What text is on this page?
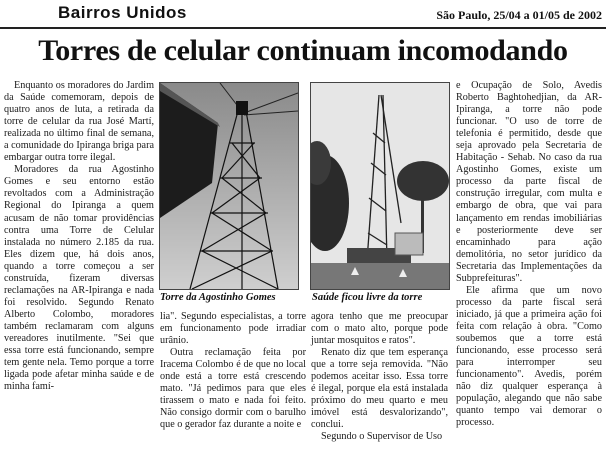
Bairros Unidos	São Paulo, 25/04 a 01/05 de 2002
Torres de celular continuam incomodando

Enquanto os moradores do Jardim da Saúde comemoram, depois de quatro anos de luta, a retirada da torre de celular da rua José Martí, realizada no último final de semana, a comunidade do Ipiranga briga para embargar outra torre ilegal.

Moradores da rua Agostinho Gomes e seu entorno estão revoltados com a Administração Regional do Ipiranga a quem acusam de não tomar providências contra uma Torre de Celular instalada no número 2.185 da rua. Eles dizem que, há dois anos, quando a torre começou a ser construída, fizeram diversas reclamações na AR-Ipiranga e nada foi resolvido. Segundo Renato Alberto Colombo, moradores também reclamaram com alguns vereadores inutilmente. "Sei que essa torre está funcionando, sempre tem gente nela. Temo porque a torre ligada pode afetar minha saúde e de minha famí-

Torre da Agostinho Gomes	Saúde ficou livre da torre

lia". Segundo especialistas, a torre em funcionamento pode irradiar urânio.

Outra reclamação feita por Iracema Colombo é de que no local onde está a torre está crescendo mato. "Já pedimos para que eles tirassem o mato e nada foi feito. Não consigo dormir com o barulho que o gerador faz durante a noite e

agora tenho que me preocupar com o mato alto, porque pode juntar mosquitos e ratos".

Renato diz que tem esperança que a torre seja removida. "Não podemos aceitar isso. Essa torre é ilegal, porque ela está instalada próximo do meu quarto e meu imóvel está desvalorizando", conclui.

Segundo o Supervisor de Uso

e Ocupação de Solo, Avedis Roberto Baghtohedjian, da AR-Ipiranga, a torre não pode funcionar. "O uso de torre de telefonia é permitido, desde que seja aprovado pela Secretaria de Habitação - Sehab. No caso da rua Agostinho Gomes, existe um processo da parte fiscal de construção irregular, com multa e embargo de obra, que vai para lançamento em rendas imobiliárias e posteriormente deve ser encaminhado para ação demolitória, no setor jurídico da Secretaria das Implementações da Subprefeituras".

Ele afirma que um novo processo da parte fiscal será iniciado, já que a primeira ação foi feita com relação à obra. "Como soubemos que a torre está funcionando, esse processo será para interromper seu funcionamento". Avedis, porém não diz qualquer esperança à população, alegando que não sabe quanto tempo vai demorar o processo.
